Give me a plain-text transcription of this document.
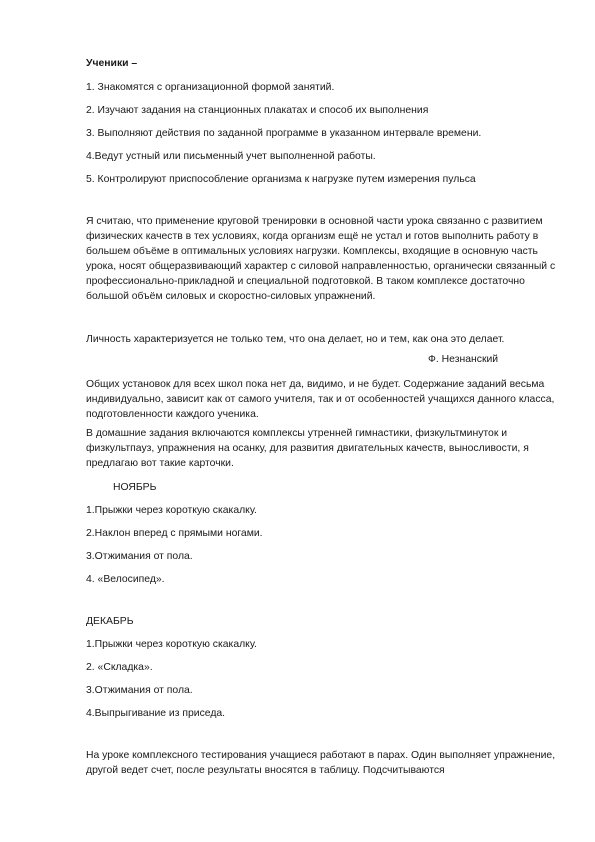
Ученики –

1. Знакомятся с организационной формой занятий.

2. Изучают задания на станционных плакатах и способ их выполнения

3. Выполняют действия по заданной программе в указанном интервале времени.

4.Ведут устный или письменный учет выполненной работы.

5. Контролируют приспособление организма к нагрузке путем измерения пульса

Я считаю, что применение круговой тренировки в основной части урока связанно с развитием физических качеств в тех условиях, когда организм ещё не устал и готов выполнить работу в большем объёме в оптимальных условиях нагрузки. Комплексы, входящие в основную часть урока, носят общеразвивающий характер с силовой направленностью, органически связанный с профессионально-прикладной и специальной подготовкой. В таком комплексе достаточно большой объём силовых и скоростно-силовых упражнений.

Личность характеризуется не только тем, что она делает, но и тем, как она это делает.

Ф. Незнанский

Общих установок для всех школ пока нет да, видимо, и не будет. Содержание заданий весьма индивидуально, зависит как от самого учителя, так и от особенностей учащихся данного класса, подготовленности каждого ученика.

В домашние задания включаются комплексы утренней гимнастики, физкультминуток и физкультпауз, упражнения на осанку, для развития двигательных качеств, выносливости, я предлагаю вот такие карточки.

НОЯБРЬ

1.Прыжки через короткую скакалку.

2.Наклон вперед с прямыми ногами.

3.Отжимания от пола.

4. «Велосипед».

ДЕКАБРЬ

1.Прыжки через короткую скакалку.

2. «Складка».

3.Отжимания от пола.

4.Выпрыгивание из приседа.

На уроке комплексного тестирования учащиеся работают в парах. Один выполняет упражнение, другой ведет счет, после результаты вносятся в таблицу. Подсчитываются
